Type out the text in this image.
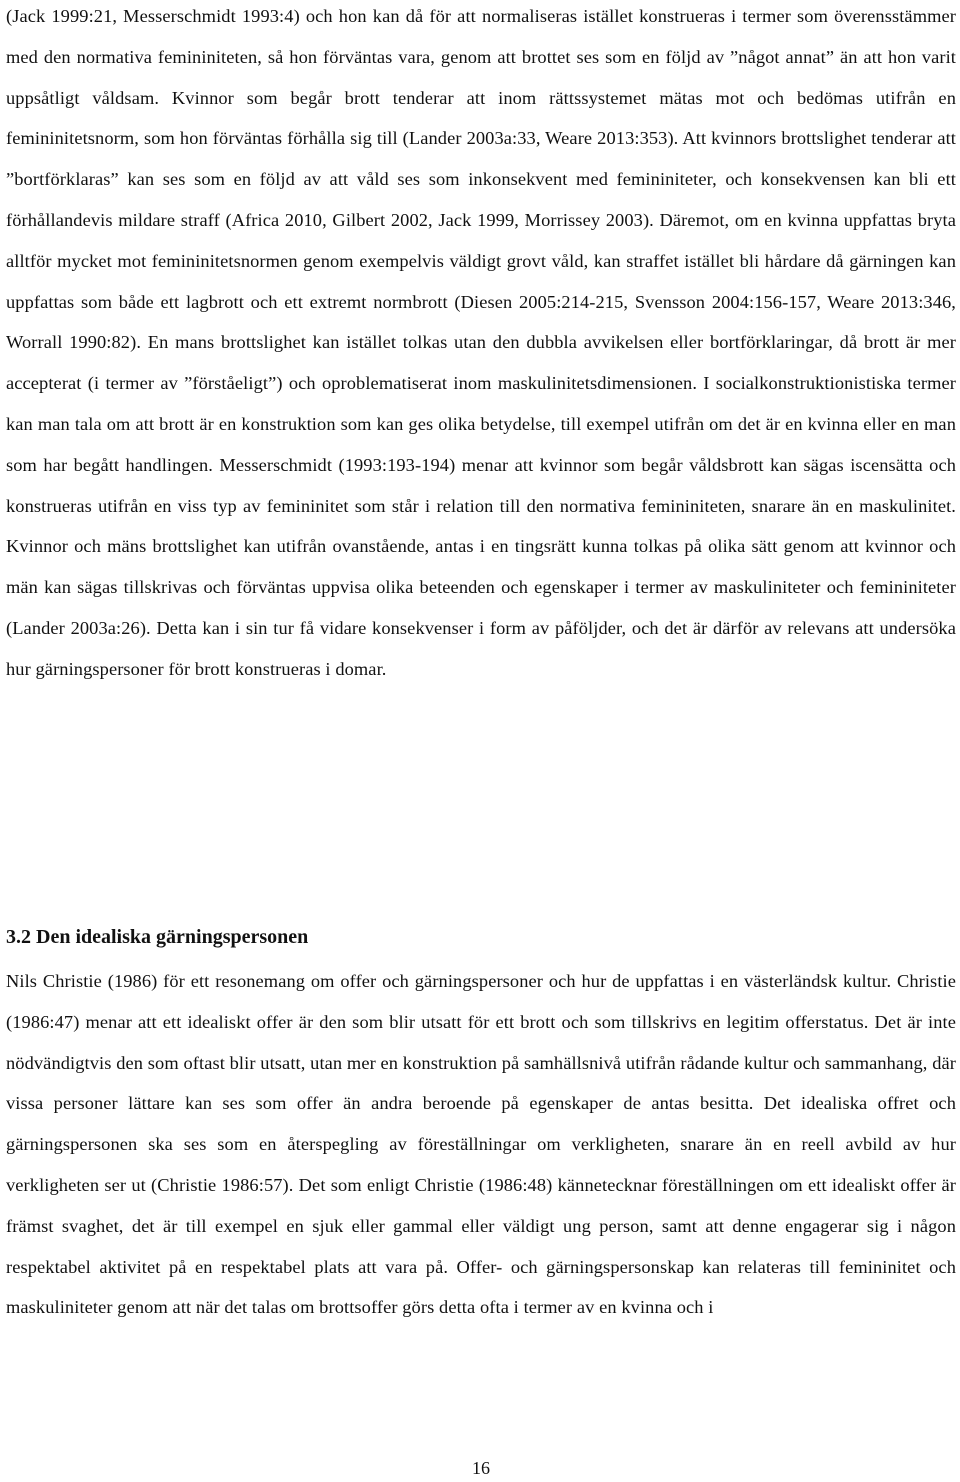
(Jack 1999:21, Messerschmidt 1993:4) och hon kan då för att normaliseras istället konstrueras i termer som överensstämmer med den normativa femininiteten, så hon förväntas vara, genom att brottet ses som en följd av ”något annat” än att hon varit uppsåtligt våldsam. Kvinnor som begår brott tenderar att inom rättssystemet mätas mot och bedömas utifrån en femininitetsnorm, som hon förväntas förhålla sig till (Lander 2003a:33, Weare 2013:353). Att kvinnors brottslighet tenderar att ”bortförklaras” kan ses som en följd av att våld ses som inkonsekvent med femininiteter, och konsekvensen kan bli ett förhållandevis mildare straff (Africa 2010, Gilbert 2002, Jack 1999, Morrissey 2003). Däremot, om en kvinna uppfattas bryta alltför mycket mot femininitetsnormen genom exempelvis väldigt grovt våld, kan straffet istället bli hårdare då gärningen kan uppfattas som både ett lagbrott och ett extremt normbrott (Diesen 2005:214-215, Svensson 2004:156-157, Weare 2013:346, Worrall 1990:82). En mans brottslighet kan istället tolkas utan den dubbla avvikelsen eller bortförklaringar, då brott är mer accepterat (i termer av ”förståeligt”) och oproblematiserat inom maskulinitetsdimensionen. I socialkonstruktionistiska termer kan man tala om att brott är en konstruktion som kan ges olika betydelse, till exempel utifrån om det är en kvinna eller en man som har begått handlingen. Messerschmidt (1993:193-194) menar att kvinnor som begår våldsbrott kan sägas iscensätta och konstrueras utifrån en viss typ av femininitet som står i relation till den normativa femininiteten, snarare än en maskulinitet. Kvinnor och mäns brottslighet kan utifrån ovanstående, antas i en tingsrätt kunna tolkas på olika sätt genom att kvinnor och män kan sägas tillskrivas och förväntas uppvisa olika beteenden och egenskaper i termer av maskuliniteter och femininiteter (Lander 2003a:26). Detta kan i sin tur få vidare konsekvenser i form av påföljder, och det är därför av relevans att undersöka hur gärningspersoner för brott konstrueras i domar.

3.2 Den idealiska gärningspersonen

Nils Christie (1986) för ett resonemang om offer och gärningspersoner och hur de uppfattas i en västerländsk kultur. Christie (1986:47) menar att ett idealiskt offer är den som blir utsatt för ett brott och som tillskrivs en legitim offerstatus. Det är inte nödvändigtvis den som oftast blir utsatt, utan mer en konstruktion på samhällsnivå utifrån rådande kultur och sammanhang, där vissa personer lättare kan ses som offer än andra beroende på egenskaper de antas besitta. Det idealiska offret och gärningspersonen ska ses som en återspegling av föreställningar om verkligheten, snarare än en reell avbild av hur verkligheten ser ut (Christie 1986:57). Det som enligt Christie (1986:48) kännetecknar föreställningen om ett idealiskt offer är främst svaghet, det är till exempel en sjuk eller gammal eller väldigt ung person, samt att denne engagerar sig i någon respektabel aktivitet på en respektabel plats att vara på. Offer- och gärningspersonskap kan relateras till femininitet och maskuliniteter genom att när det talas om brottsoffer görs detta ofta i termer av en kvinna och i

16
